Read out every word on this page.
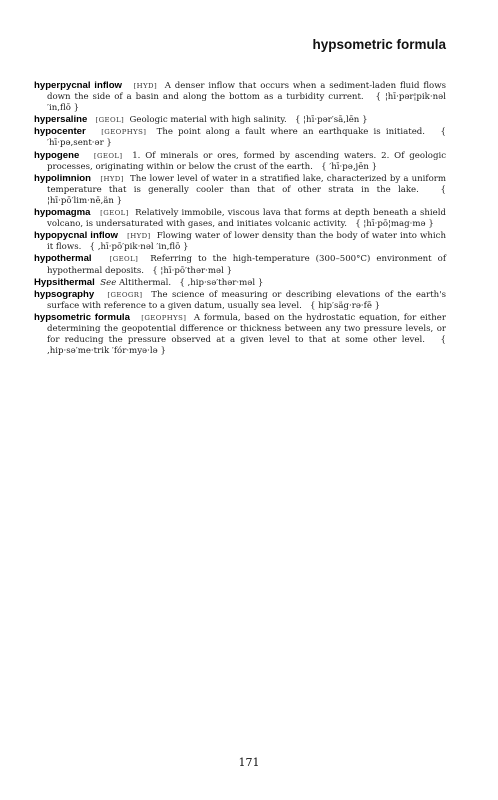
hypsometric formula

hyperpycnal inflow [HYD] A denser inflow that occurs when a sediment-laden fluid flows down the side of a basin and along the bottom as a turbidity current. { ¦hī·pər¦pik·nəl ′in‚flō }

hypersaline [GEOL] Geologic material with high salinity. { ¦hī·pər′sā‚lēn }

hypocenter [GEOPHYS] The point along a fault where an earthquake is initiated. { ′hī·pə‚sent·ər }

hypogene [GEOL] 1. Of minerals or ores, formed by ascending waters. 2. Of geologic processes, originating within or below the crust of the earth. { ′hī·pə‚jēn }

hypolimnion [HYD] The lower level of water in a stratified lake, characterized by a uniform temperature that is generally cooler than that of other strata in the lake.	{ ¦hī·pō′lim·nē‚än }

hypomagma [GEOL] Relatively immobile, viscous lava that forms at depth beneath a shield volcano, is undersaturated with gases, and initiates volcanic activity. { ¦hī·pō¦mag·mə }

hypopycnal inflow [HYD] Flowing water of lower density than the body of water into which it flows. { ‚hī·pō′pik·nəl ′in‚flō }

hypothermal	[GEOL] Referring to the high-temperature (300–500°C) environment of hypothermal deposits. { ¦hī·pō′thər·məl }

Hypsithermal See Altithermal. { ‚hip·sə′thər·məl }

hypsography [GEOGR] The science of measuring or describing elevations of the earth's surface with reference to a given datum, usually sea level. { hip′säg·rə·fē }

hypsometric formula [GEOPHYS] A formula, based on the hydrostatic equation, for either determining the geopotential difference or thickness between any two pressure levels, or for reducing the pressure observed at a given level to that at some other level. { ‚hip·sə′me·trik ′fór·myə·lə }

171
